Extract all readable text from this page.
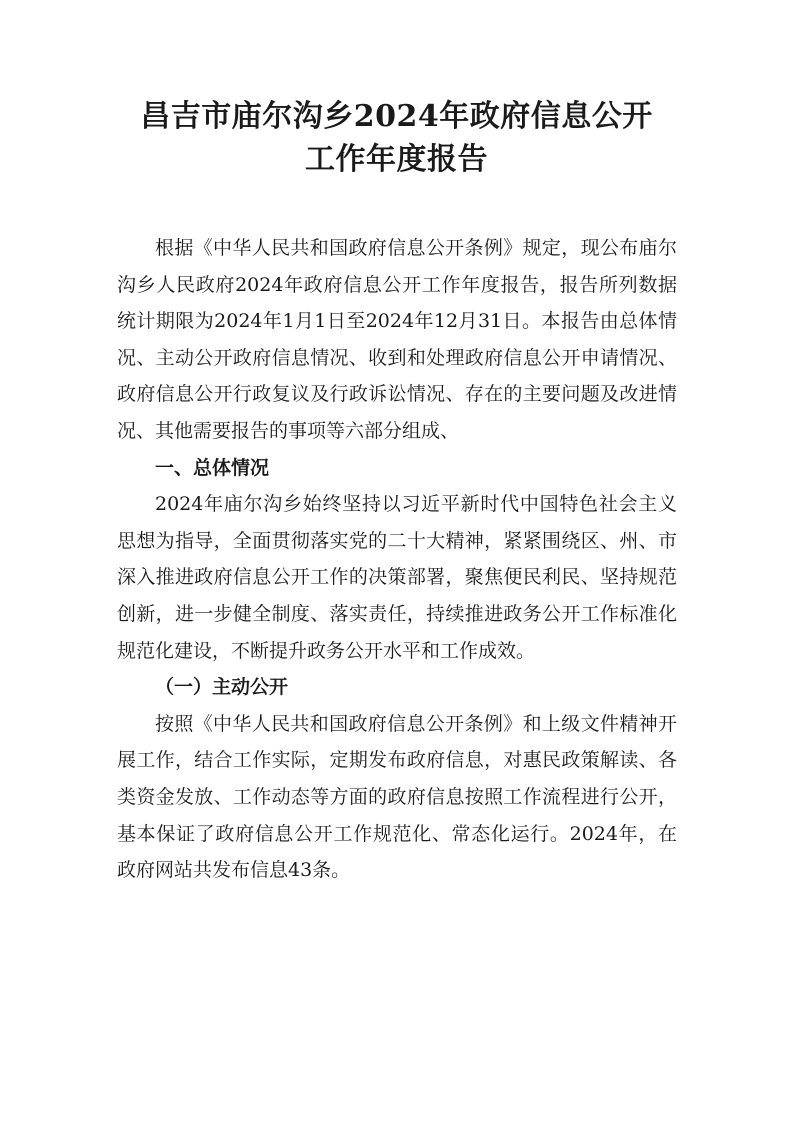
昌吉市庙尔沟乡2024年政府信息公开
工作年度报告

根据《中华人民共和国政府信息公开条例》规定，现公布庙尔沟乡人民政府2024年政府信息公开工作年度报告，报告所列数据统计期限为2024年1月1日至2024年12月31日。本报告由总体情况、主动公开政府信息情况、收到和处理政府信息公开申请情况、政府信息公开行政复议及行政诉讼情况、存在的主要问题及改进情况、其他需要报告的事项等六部分组成、

一、总体情况

2024年庙尔沟乡始终坚持以习近平新时代中国特色社会主义思想为指导，全面贯彻落实党的二十大精神，紧紧围绕区、州、市深入推进政府信息公开工作的决策部署，聚焦便民利民、坚持规范创新，进一步健全制度、落实责任，持续推进政务公开工作标准化规范化建设，不断提升政务公开水平和工作成效。

（一）主动公开

按照《中华人民共和国政府信息公开条例》和上级文件精神开展工作，结合工作实际，定期发布政府信息，对惠民政策解读、各类资金发放、工作动态等方面的政府信息按照工作流程进行公开，基本保证了政府信息公开工作规范化、常态化运行。2024年，在政府网站共发布信息43条。
